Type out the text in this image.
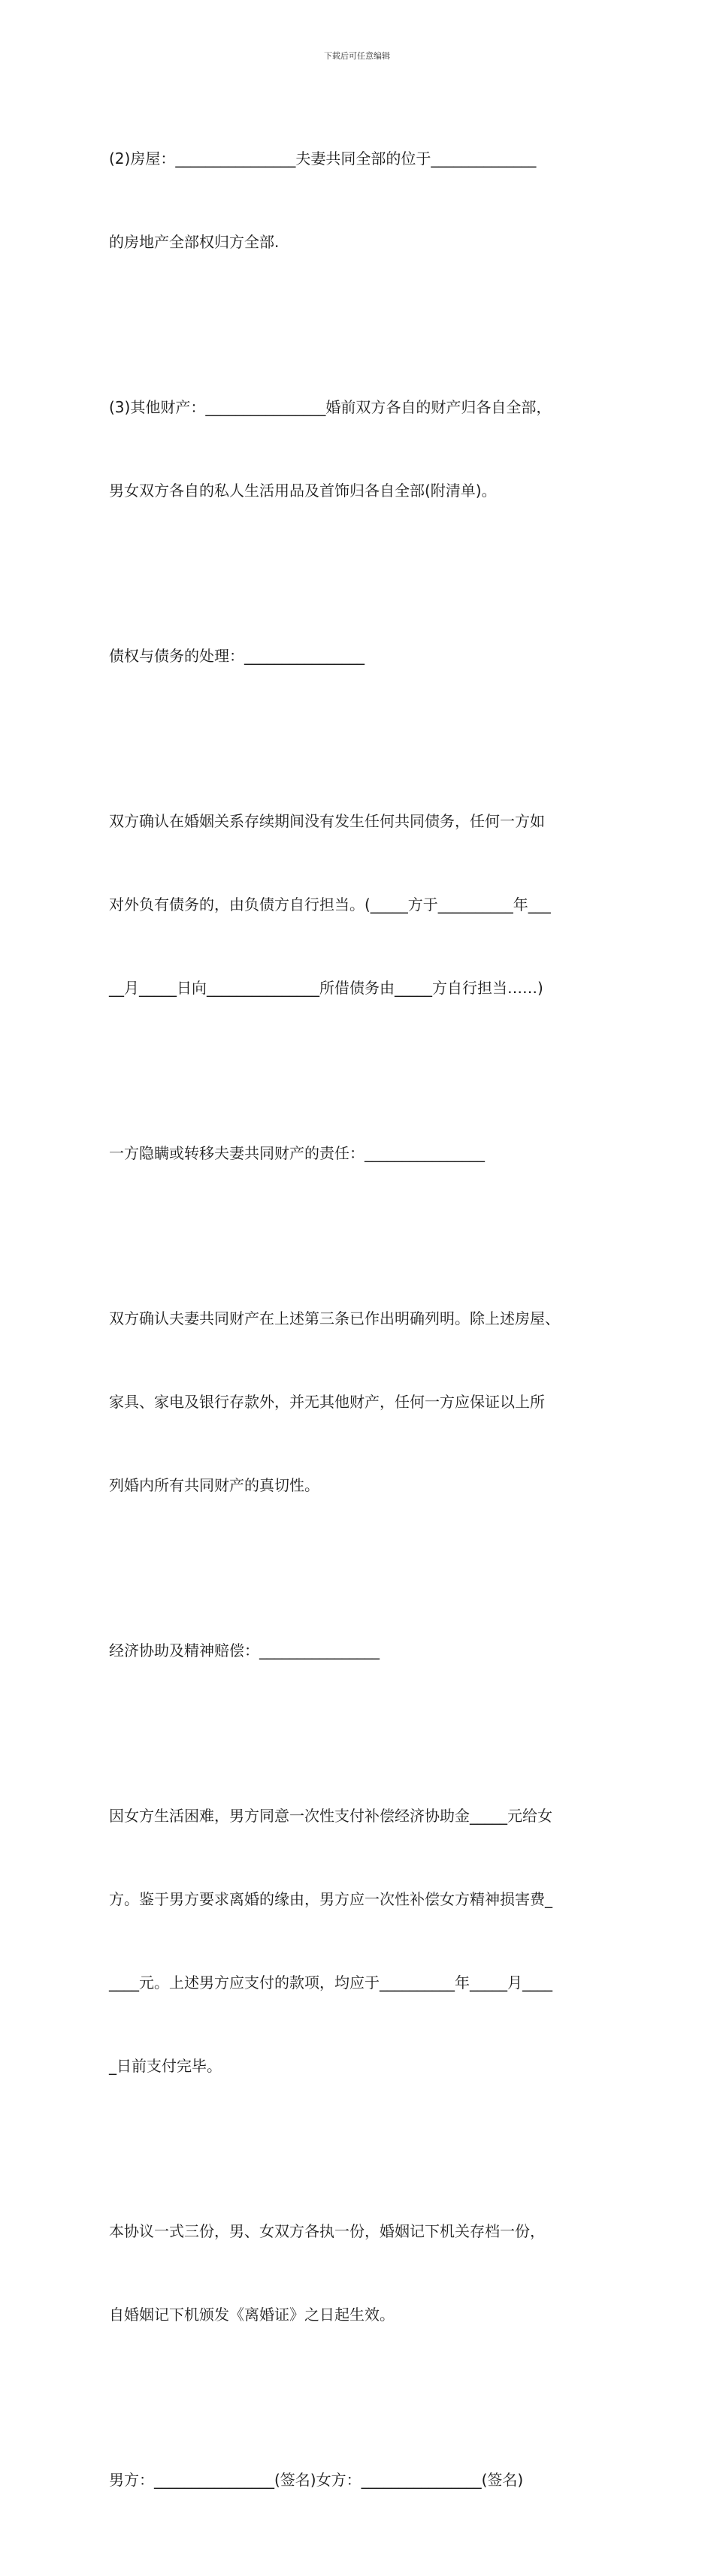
下载后可任意编辑

(2)房屋：________________夫妻共同全部的位于______________

的房地产全部权归方全部.

(3)其他财产：________________婚前双方各自的财产归各自全部，

男女双方各自的私人生活用品及首饰归各自全部(附清单)。

债权与债务的处理：________________

双方确认在婚姻关系存续期间没有发生任何共同债务，任何一方如

对外负有债务的，由负债方自行担当。(_____方于__________年___

__月_____日向_______________所借债务由_____方自行担当……)

一方隐瞒或转移夫妻共同财产的责任：________________

双方确认夫妻共同财产在上述第三条已作出明确列明。除上述房屋、

家具、家电及银行存款外，并无其他财产，任何一方应保证以上所

列婚内所有共同财产的真切性。

经济协助及精神赔偿：________________

因女方生活困难，男方同意一次性支付补偿经济协助金_____元给女

方。鉴于男方要求离婚的缘由，男方应一次性补偿女方精神损害费_

____元。上述男方应支付的款项，均应于__________年_____月____

_日前支付完毕。

本协议一式三份，男、女双方各执一份，婚姻记下机关存档一份，

自婚姻记下机颁发《离婚证》之日起生效。

男方：________________(签名)女方：________________(签名)
